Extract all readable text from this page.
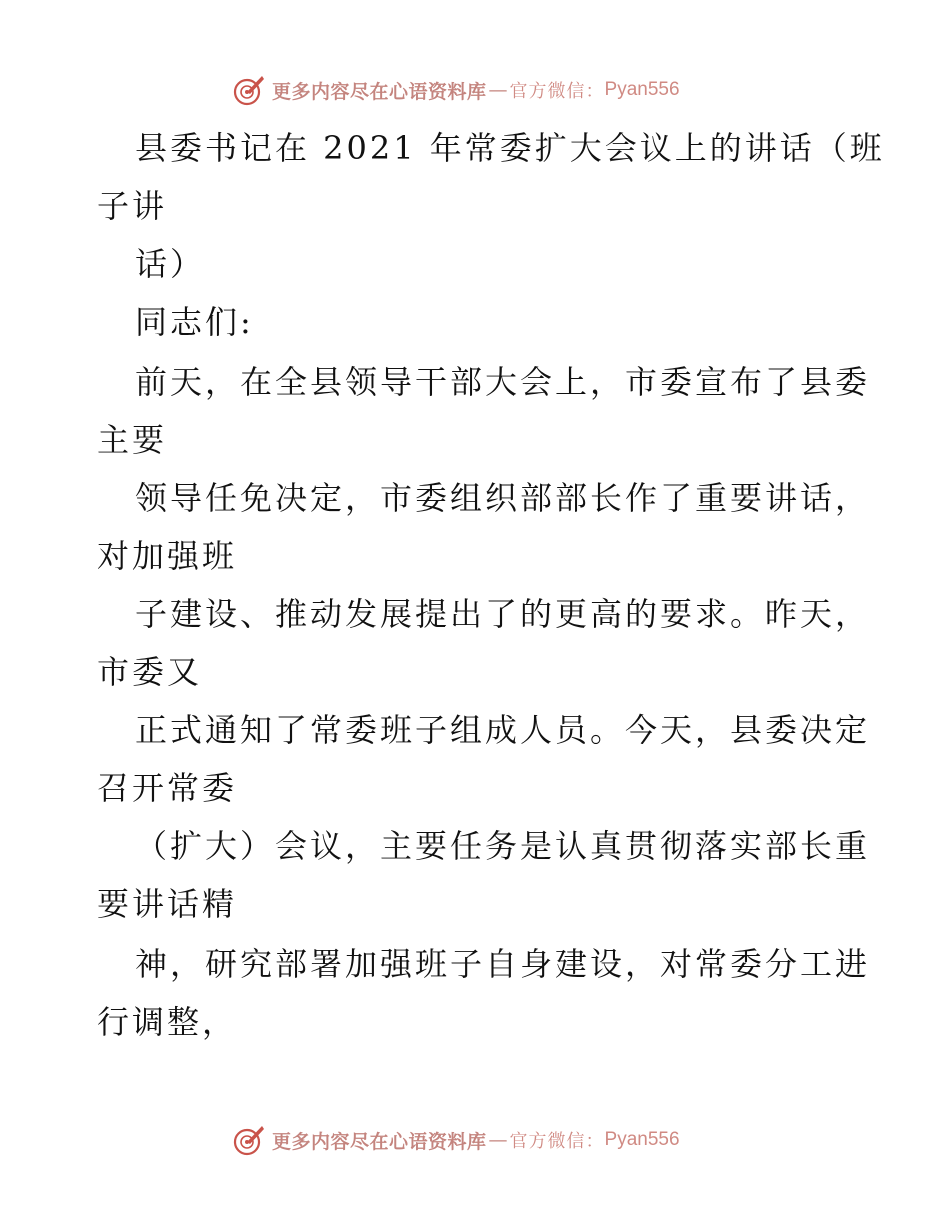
更多内容尽在心语资料库 — 官方微信： Pyan556
县委书记在 2021 年常委扩大会议上的讲话（班
子讲
话）
同志们:
前天，在全县领导干部大会上，市委宣布了县委
主要
领导任免决定，市委组织部部长作了重要讲话，
对加强班
子建设、推动发展提出了的更高的要求。昨天，
市委又
正式通知了常委班子组成人员。今天，县委决定
召开常委
（扩大）会议，主要任务是认真贯彻落实部长重
要讲话精
神，研究部署加强班子自身建设，对常委分工进
行调整，
更多内容尽在心语资料库 — 官方微信： Pyan556
